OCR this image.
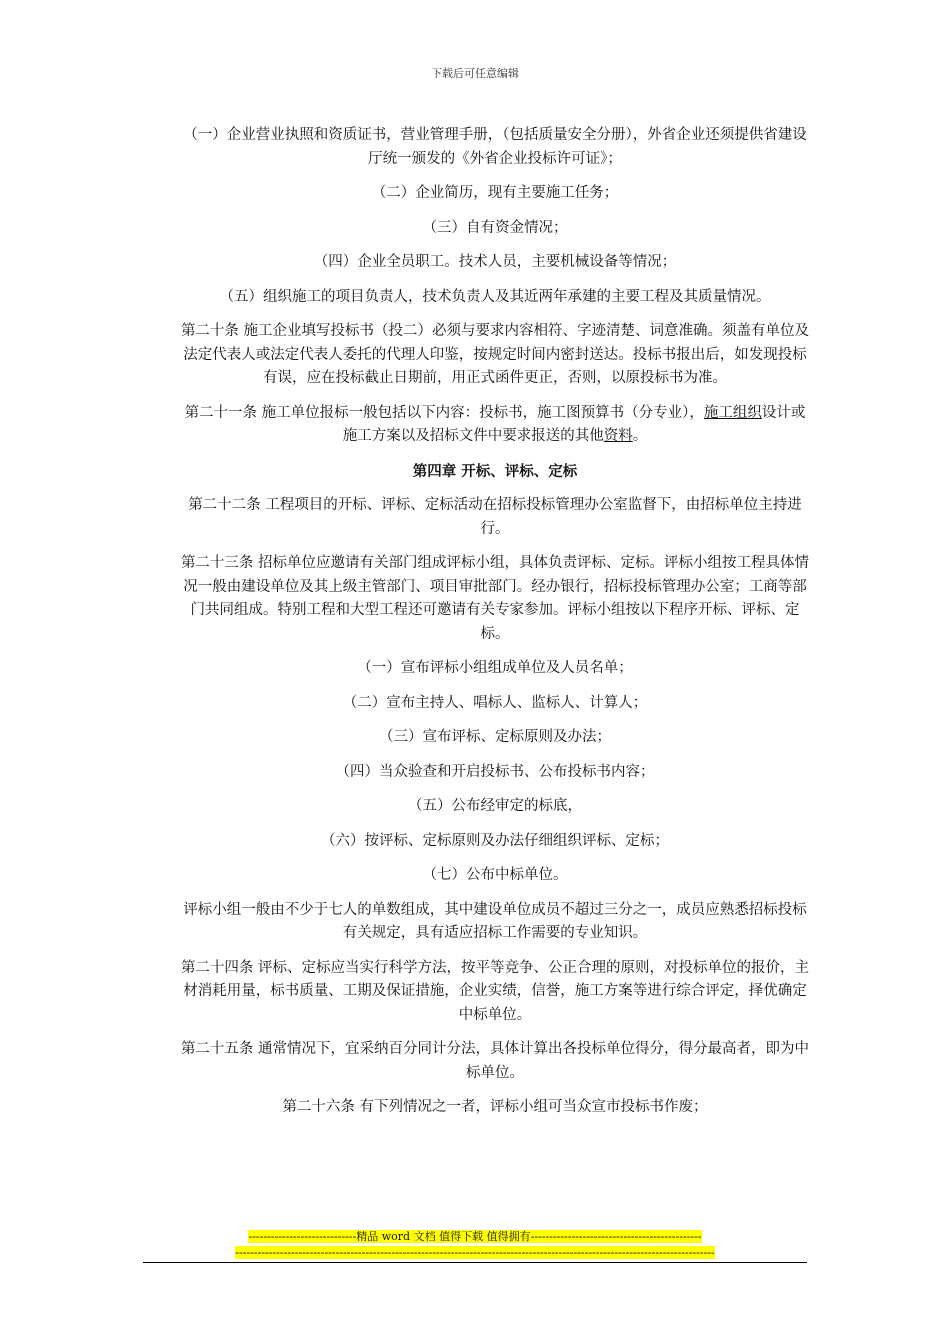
下载后可任意编辑

（一）企业营业执照和资质证书，营业管理手册，（包括质量安全分册），外省企业还须提供省建设厅统一颁发的《外省企业投标许可证》；

（二）企业简历，现有主要施工任务；

（三）自有资金情况；

（四）企业全员职工。技术人员，主要机械设备等情况；

（五）组织施工的项目负责人，技术负责人及其近两年承建的主要工程及其质量情况。

第二十条 施工企业填写投标书（投二）必须与要求内容相符、字迹清楚、词意准确。须盖有单位及法定代表人或法定代表人委托的代理人印鉴，按规定时间内密封送达。投标书报出后，如发现投标有误，应在投标截止日期前，用正式函件更正，否则，以原投标书为准。

第二十一条 施工单位报标一般包括以下内容：投标书，施工图预算书（分专业），施工组织设计或施工方案以及招标文件中要求报送的其他资料。

第四章 开标、评标、定标

第二十二条 工程项目的开标、评标、定标活动在招标投标管理办公室监督下，由招标单位主持进行。

第二十三条 招标单位应邀请有关部门组成评标小组，具体负责评标、定标。评标小组按工程具体情况一般由建设单位及其上级主管部门、项目审批部门。经办银行，招标投标管理办公室；工商等部门共同组成。特别工程和大型工程还可邀请有关专家参加。评标小组按以下程序开标、评标、定标。

（一）宣布评标小组组成单位及人员名单；

（二）宣布主持人、唱标人、监标人、计算人；

（三）宣布评标、定标原则及办法；

（四）当众验查和开启投标书、公布投标书内容；

（五）公布经审定的标底，

（六）按评标、定标原则及办法仔细组织评标、定标；

（七）公布中标单位。

评标小组一般由不少于七人的单数组成，其中建设单位成员不超过三分之一，成员应熟悉招标投标有关规定，具有适应招标工作需要的专业知识。

第二十四条 评标、定标应当实行科学方法，按平等竞争、公正合理的原则，对投标单位的报价，主材消耗用量，标书质量、工期及保证措施，企业实绩，信誉，施工方案等进行综合评定，择优确定中标单位。

第二十五条 通常情况下，宜采纳百分同计分法，具体计算出各投标单位得分，得分最高者，即为中标单位。

第二十六条 有下列情况之一者，评标小组可当众宣市投标书作废；

-----------------------------精品 word 文档 值得下载 值得拥有----------------------------------------------
---------------------------------------------------------------------------------------------------------------------------------
